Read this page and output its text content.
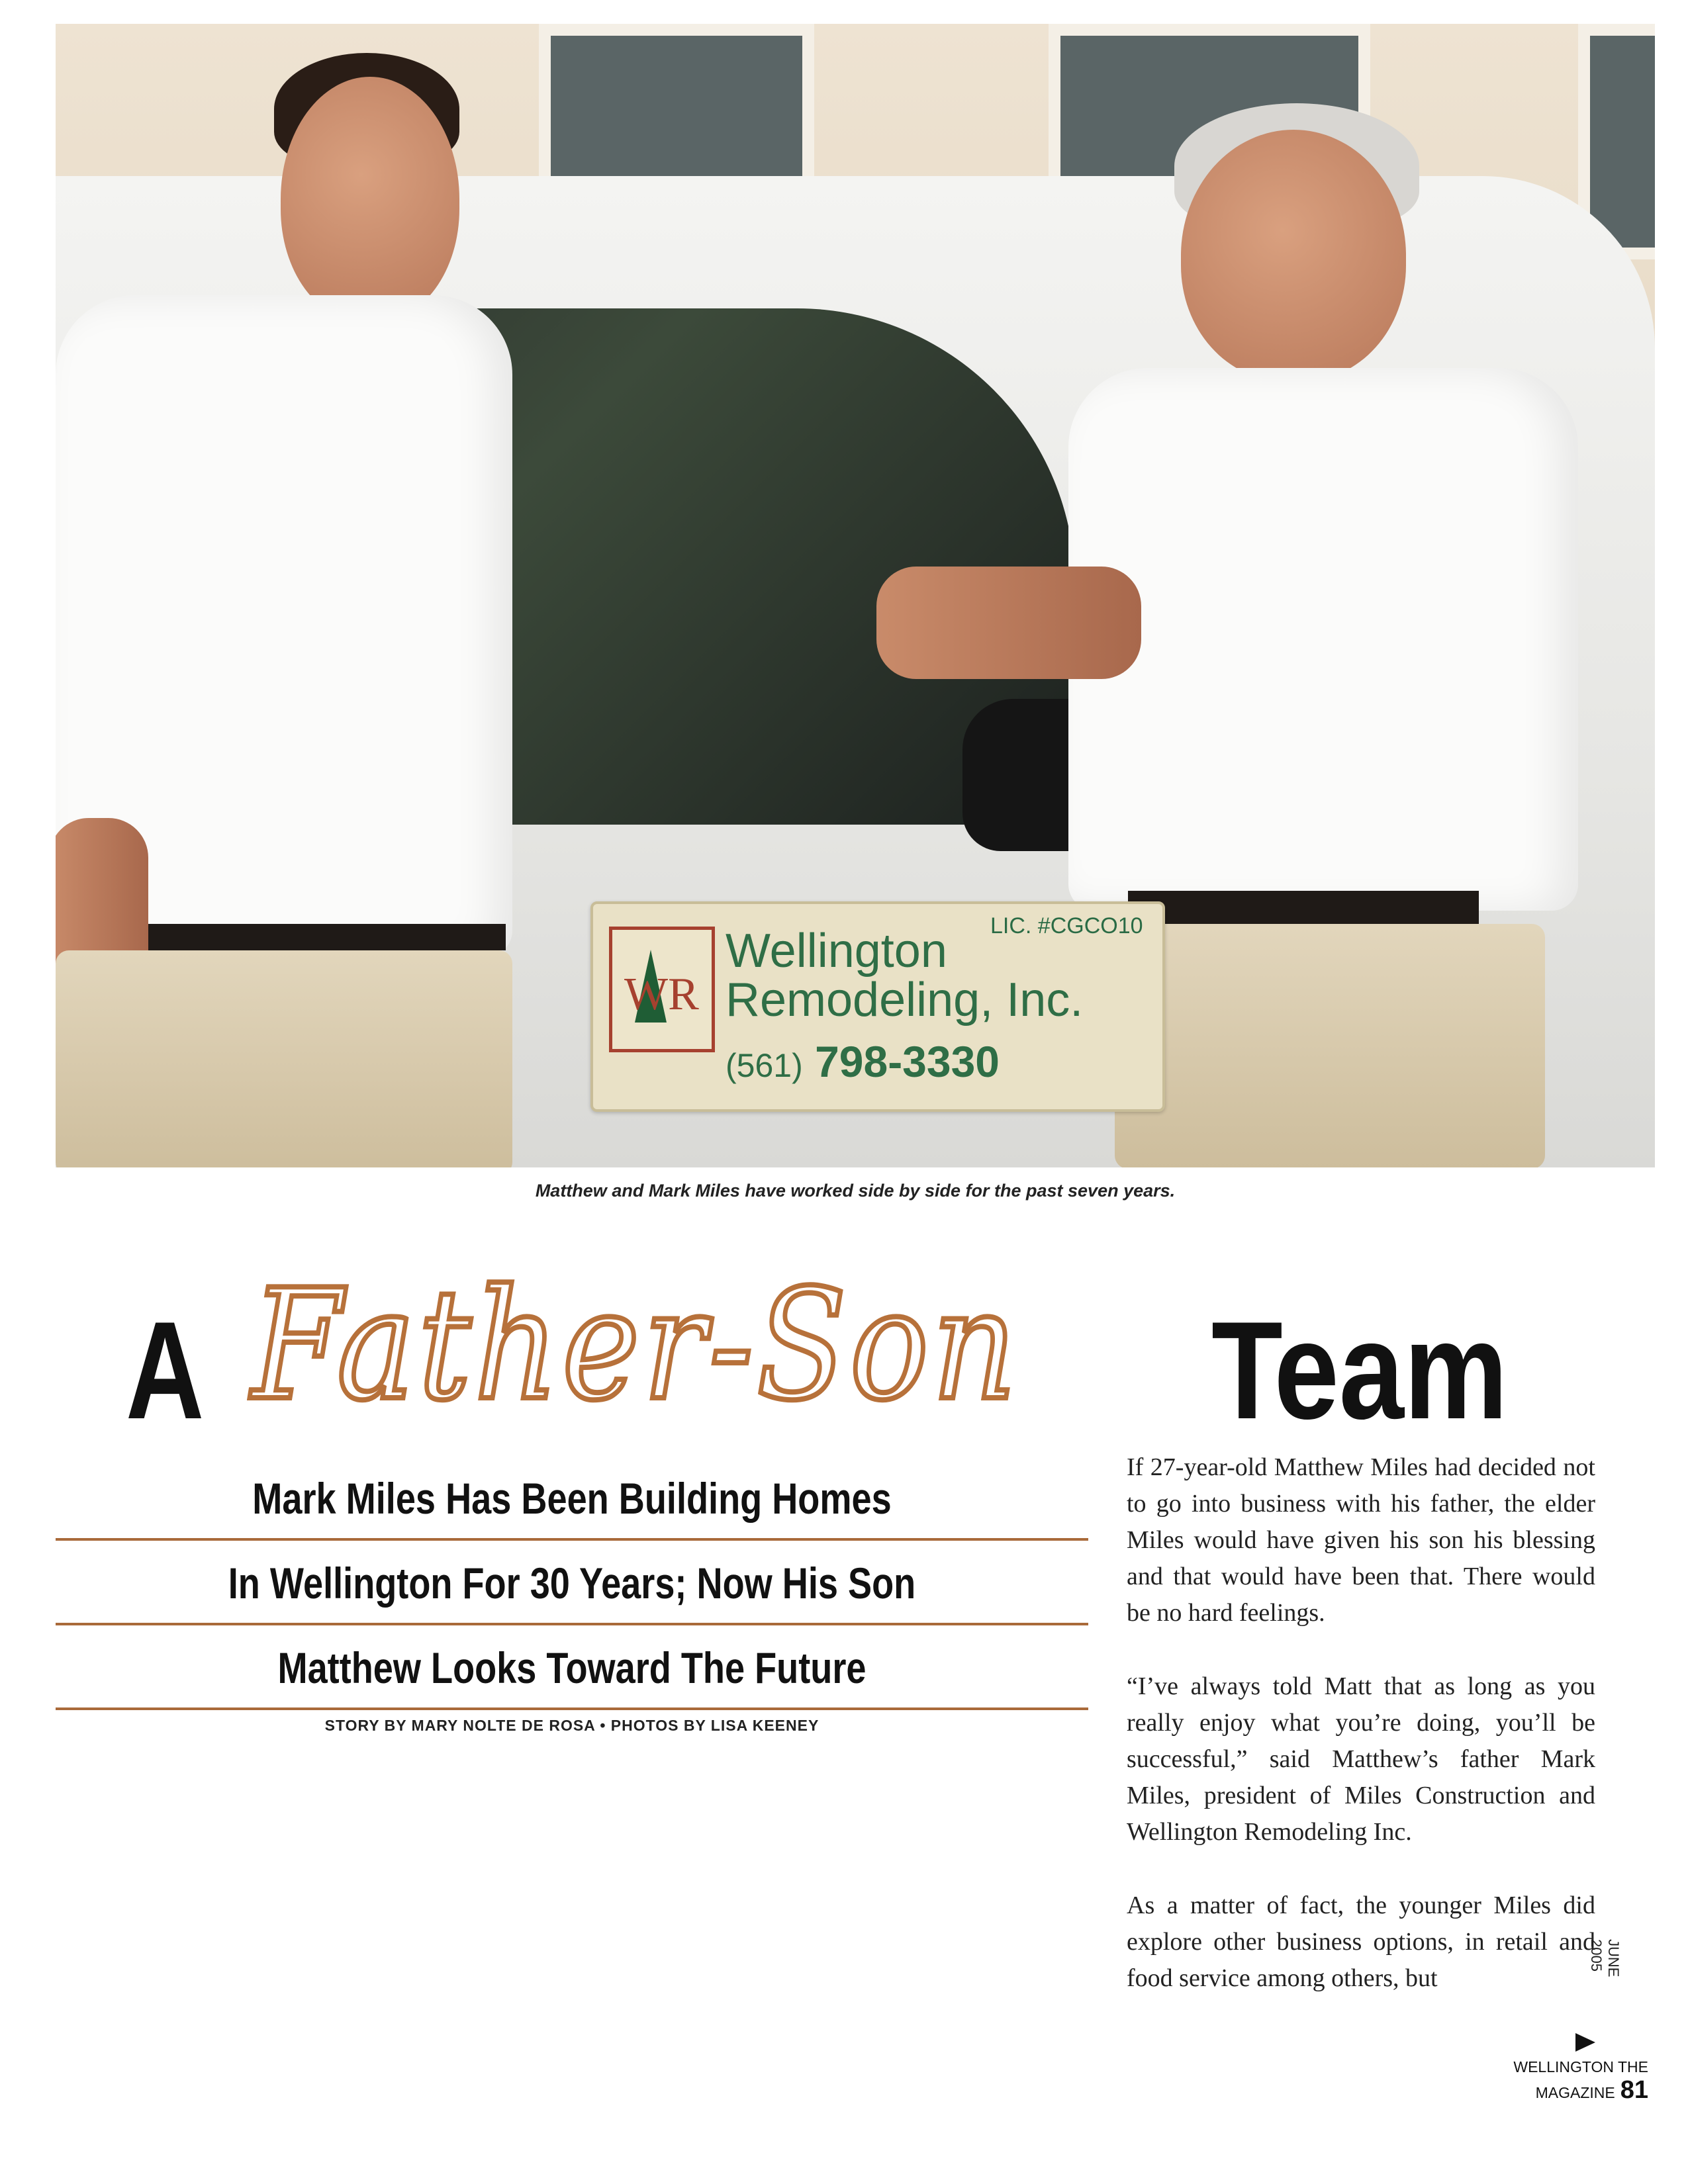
WR
LIC. #CGCO10
Wellington
Remodeling, Inc.
(561) 798-3330
Matthew and Mark Miles have worked side by side for the past seven years.
A Father-Son Team
Mark Miles Has Been Building Homes
In Wellington For 30 Years; Now His Son
Matthew Looks Toward The Future
STORY BY MARY NOLTE DE ROSA • PHOTOS BY LISA KEENEY

If 27-year-old Matthew Miles had decided not to go into business with his father, the elder Miles would have given his son his blessing and that would have been that. There would be no hard feelings.

“I’ve always told Matt that as long as you really enjoy what you’re doing, you’ll be successful,” said Matthew’s father Mark Miles, president of Miles Construction and Wellington Remodeling Inc.

As a matter of fact, the younger Miles did explore other business options, in retail and food service among others, but

JUNE 2005
WELLINGTON THE MAGAZINE 81
